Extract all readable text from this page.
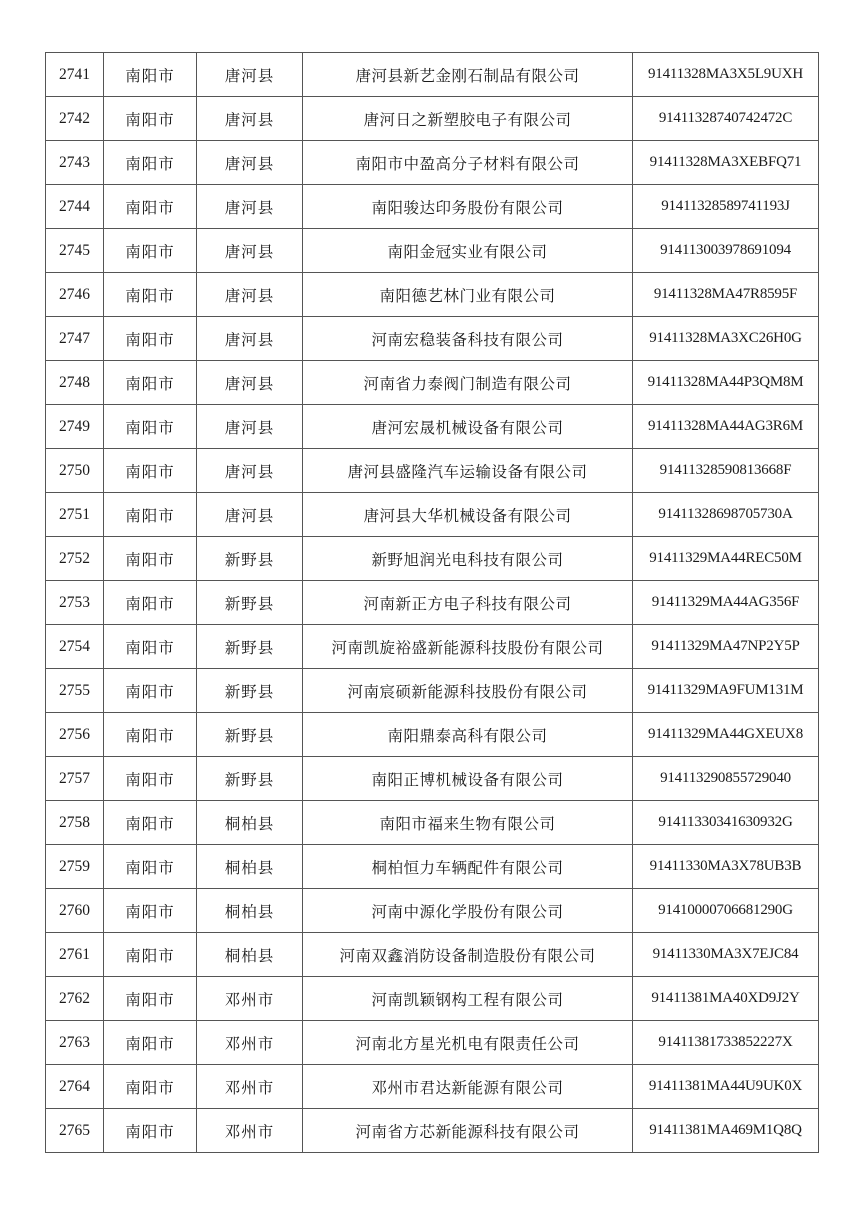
2741	南阳市	唐河县	唐河县新艺金刚石制品有限公司	91411328MA3X5L9UXH
2742	南阳市	唐河县	唐河日之新塑胶电子有限公司	91411328740742472C
2743	南阳市	唐河县	南阳市中盈高分子材料有限公司	91411328MA3XEBFQ71
2744	南阳市	唐河县	南阳骏达印务股份有限公司	91411328589741193J
2745	南阳市	唐河县	南阳金冠实业有限公司	914113003978691094
2746	南阳市	唐河县	南阳德艺林门业有限公司	91411328MA47R8595F
2747	南阳市	唐河县	河南宏稳装备科技有限公司	91411328MA3XC26H0G
2748	南阳市	唐河县	河南省力泰阀门制造有限公司	91411328MA44P3QM8M
2749	南阳市	唐河县	唐河宏晟机械设备有限公司	91411328MA44AG3R6M
2750	南阳市	唐河县	唐河县盛隆汽车运输设备有限公司	91411328590813668F
2751	南阳市	唐河县	唐河县大华机械设备有限公司	91411328698705730A
2752	南阳市	新野县	新野旭润光电科技有限公司	91411329MA44REC50M
2753	南阳市	新野县	河南新正方电子科技有限公司	91411329MA44AG356F
2754	南阳市	新野县	河南凯旋裕盛新能源科技股份有限公司	91411329MA47NP2Y5P
2755	南阳市	新野县	河南宸硕新能源科技股份有限公司	91411329MA9FUM131M
2756	南阳市	新野县	南阳鼎泰高科有限公司	91411329MA44GXEUX8
2757	南阳市	新野县	南阳正博机械设备有限公司	914113290855729040
2758	南阳市	桐柏县	南阳市福来生物有限公司	91411330341630932G
2759	南阳市	桐柏县	桐柏恒力车辆配件有限公司	91411330MA3X78UB3B
2760	南阳市	桐柏县	河南中源化学股份有限公司	91410000706681290G
2761	南阳市	桐柏县	河南双鑫消防设备制造股份有限公司	91411330MA3X7EJC84
2762	南阳市	邓州市	河南凯颖钢构工程有限公司	91411381MA40XD9J2Y
2763	南阳市	邓州市	河南北方星光机电有限责任公司	91411381733852227X
2764	南阳市	邓州市	邓州市君达新能源有限公司	91411381MA44U9UK0X
2765	南阳市	邓州市	河南省方芯新能源科技有限公司	91411381MA469M1Q8Q
